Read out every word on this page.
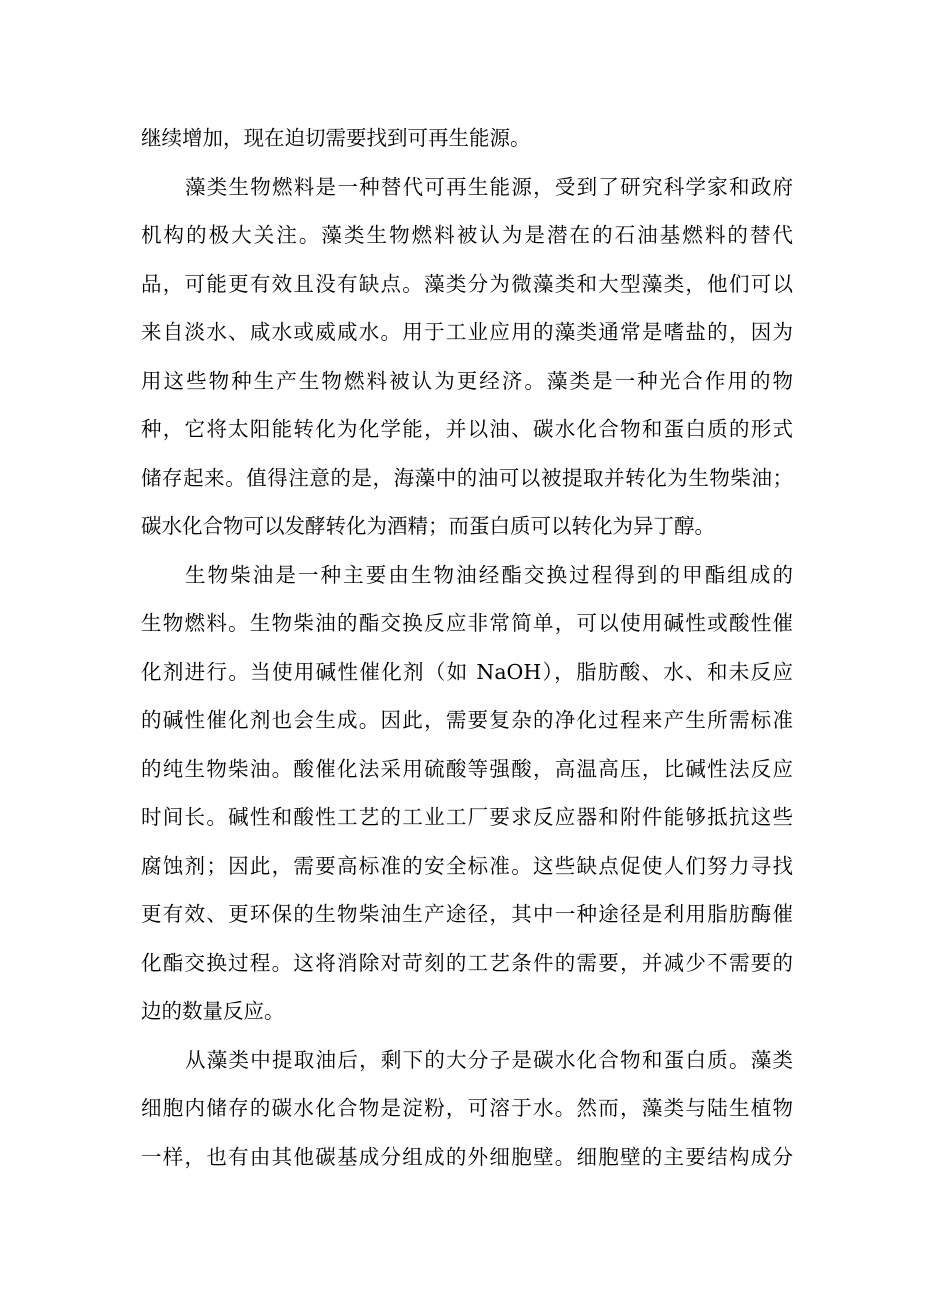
继续增加，现在迫切需要找到可再生能源。
藻类生物燃料是一种替代可再生能源，受到了研究科学家和政府
机构的极大关注。藻类生物燃料被认为是潜在的石油基燃料的替代
品，可能更有效且没有缺点。藻类分为微藻类和大型藻类，他们可以
来自淡水、咸水或威咸水。用于工业应用的藻类通常是嗜盐的，因为
用这些物种生产生物燃料被认为更经济。藻类是一种光合作用的物
种，它将太阳能转化为化学能，并以油、碳水化合物和蛋白质的形式
储存起来。值得注意的是，海藻中的油可以被提取并转化为生物柴油；
碳水化合物可以发酵转化为酒精；而蛋白质可以转化为异丁醇。
生物柴油是一种主要由生物油经酯交换过程得到的甲酯组成的
生物燃料。生物柴油的酯交换反应非常简单，可以使用碱性或酸性催
化剂进行。当使用碱性催化剂（如 NaOH），脂肪酸、水、和未反应
的碱性催化剂也会生成。因此，需要复杂的净化过程来产生所需标准
的纯生物柴油。酸催化法采用硫酸等强酸，高温高压，比碱性法反应
时间长。碱性和酸性工艺的工业工厂要求反应器和附件能够抵抗这些
腐蚀剂；因此，需要高标准的安全标准。这些缺点促使人们努力寻找
更有效、更环保的生物柴油生产途径，其中一种途径是利用脂肪酶催
化酯交换过程。这将消除对苛刻的工艺条件的需要，并减少不需要的
边的数量反应。
从藻类中提取油后，剩下的大分子是碳水化合物和蛋白质。藻类
细胞内储存的碳水化合物是淀粉，可溶于水。然而，藻类与陆生植物
一样，也有由其他碳基成分组成的外细胞壁。细胞壁的主要结构成分
